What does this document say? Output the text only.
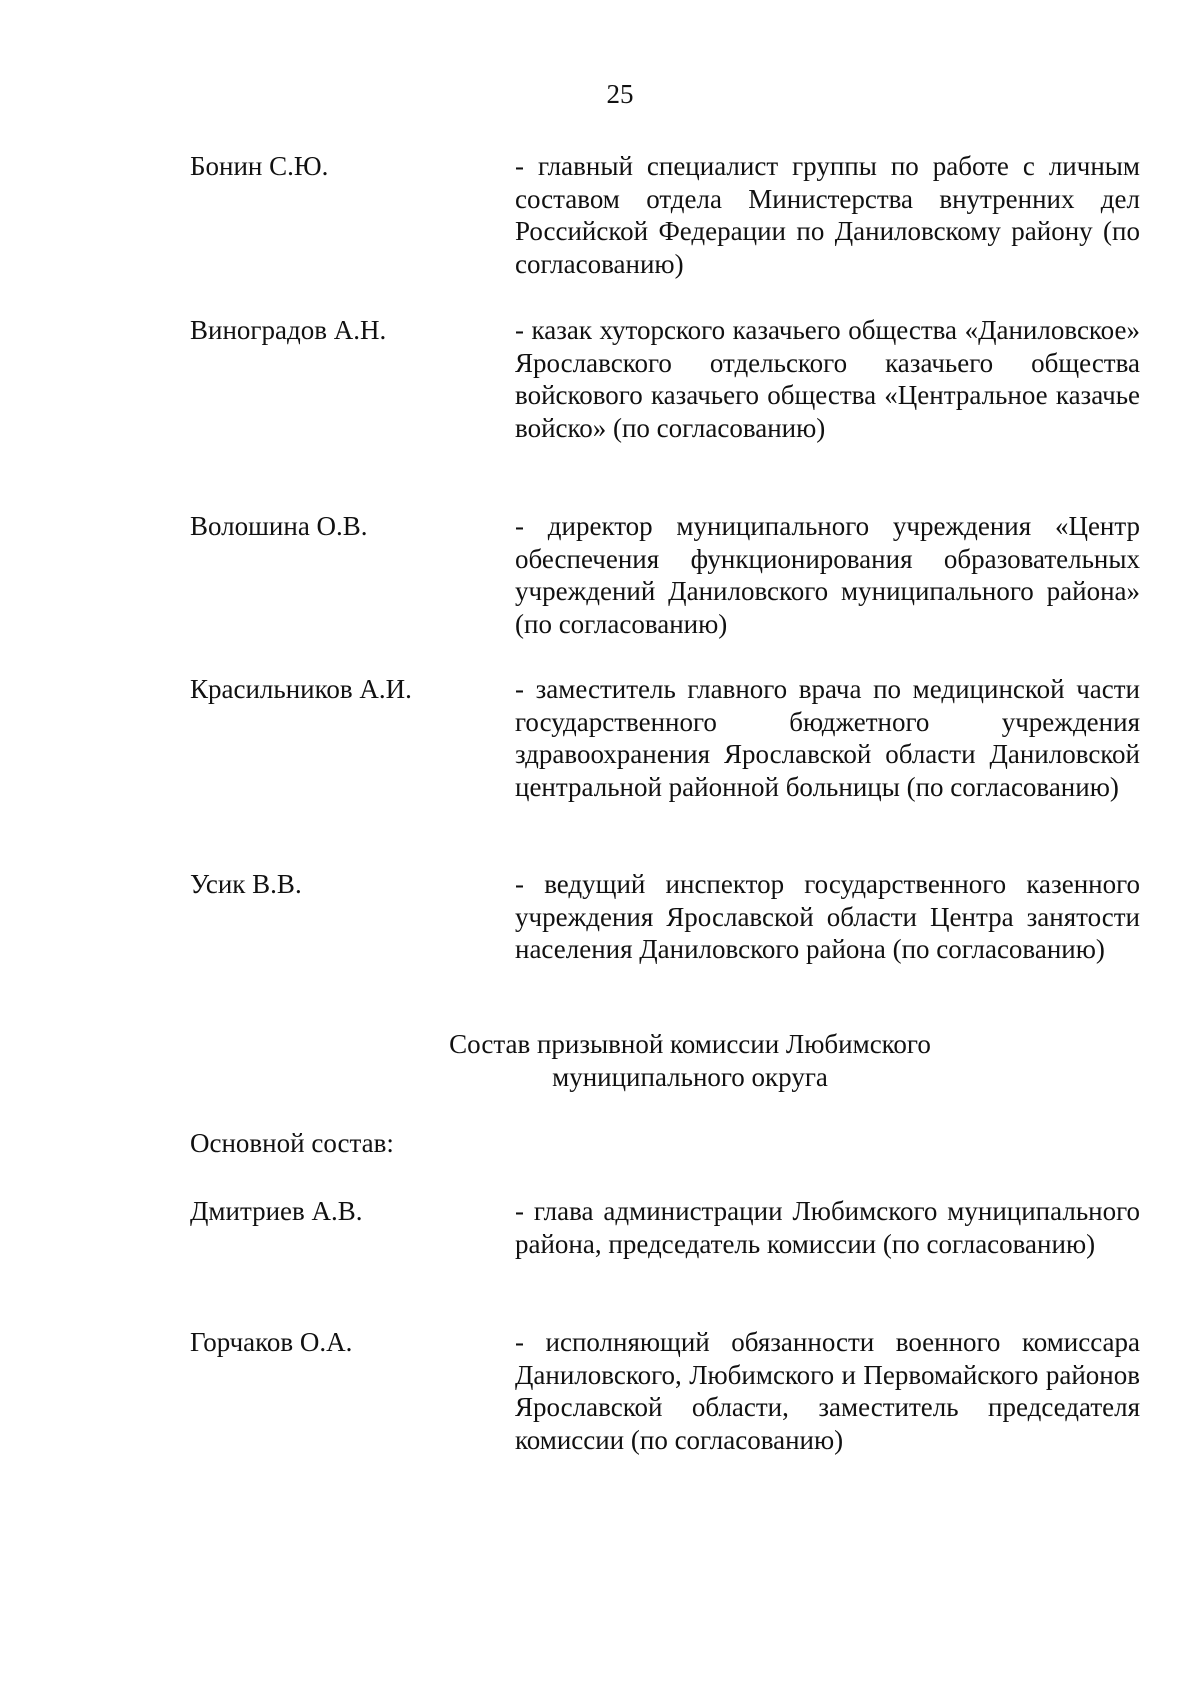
25
Бонин С.Ю.	- главный специалист группы по работе с личным составом отдела Министерства внутренних дел Российской Федерации по Даниловскому району (по согласованию)
Виноградов А.Н.	- казак хуторского казачьего общества «Даниловское» Ярославского отдельского казачьего общества войскового казачьего общества «Центральное казачье войско» (по согласованию)
Волошина О.В.	- директор муниципального учреждения «Центр обеспечения функционирования образовательных учреждений Даниловского муниципального района» (по согласованию)
Красильников А.И.	- заместитель главного врача по медицинской части государственного бюджетного учреждения здравоохранения Ярославской области Даниловской центральной районной больницы (по согласованию)
Усик В.В.	- ведущий инспектор государственного казенного учреждения Ярославской области Центра занятости населения Даниловского района (по согласованию)
Состав призывной комиссии Любимского
муниципального округа
Основной состав:
Дмитриев А.В.	- глава администрации Любимского муниципального района, председатель комиссии (по согласованию)
Горчаков О.А.	- исполняющий обязанности военного комиссара Даниловского, Любимского и Первомайского районов Ярославской области, заместитель председателя комиссии (по согласованию)
